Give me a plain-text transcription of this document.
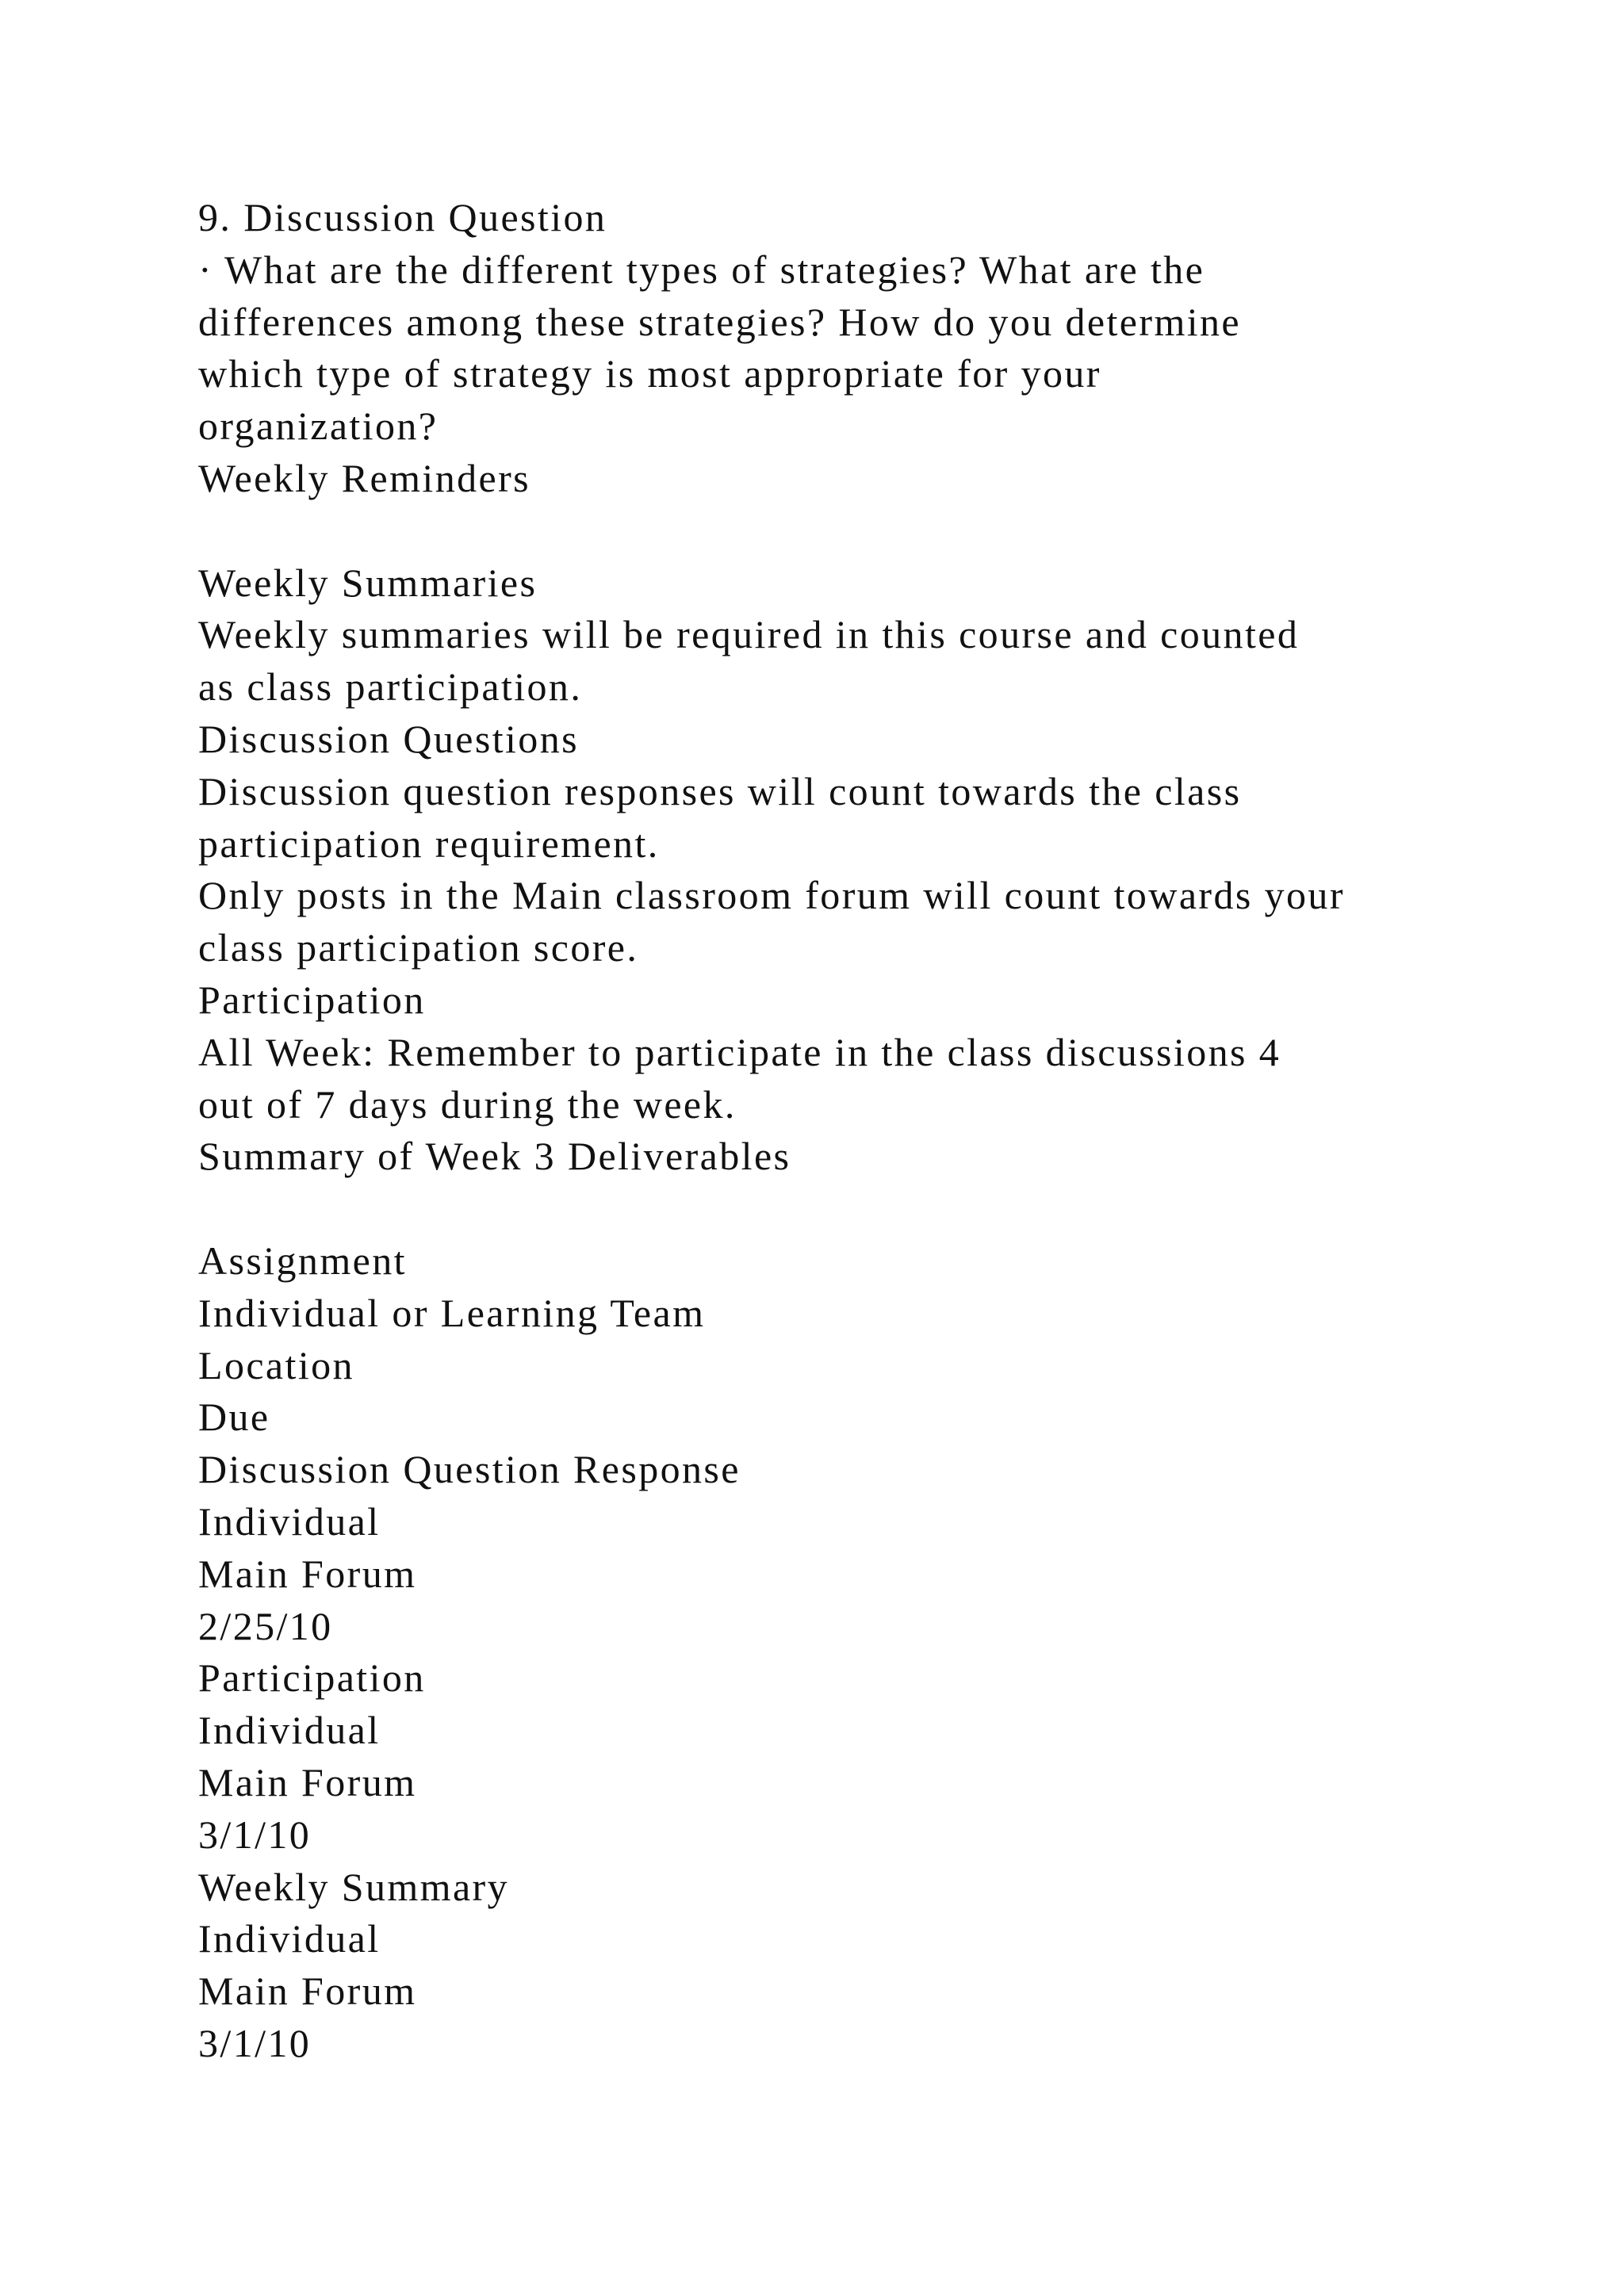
9. Discussion Question
· What are the different types of strategies? What are the
differences among these strategies? How do you determine
which type of strategy is most appropriate for your
organization?
Weekly Reminders
Weekly Summaries
Weekly summaries will be required in this course and counted
as class participation.
Discussion Questions
Discussion question responses will count towards the class
participation requirement.
Only posts in the Main classroom forum will count towards your
class participation score.
Participation
All Week: Remember to participate in the class discussions 4
out of 7 days during the week.
Summary of Week 3 Deliverables
Assignment
Individual or Learning Team
Location
Due
Discussion Question Response
Individual
Main Forum
2/25/10
Participation
Individual
Main Forum
3/1/10
Weekly Summary
Individual
Main Forum
3/1/10
